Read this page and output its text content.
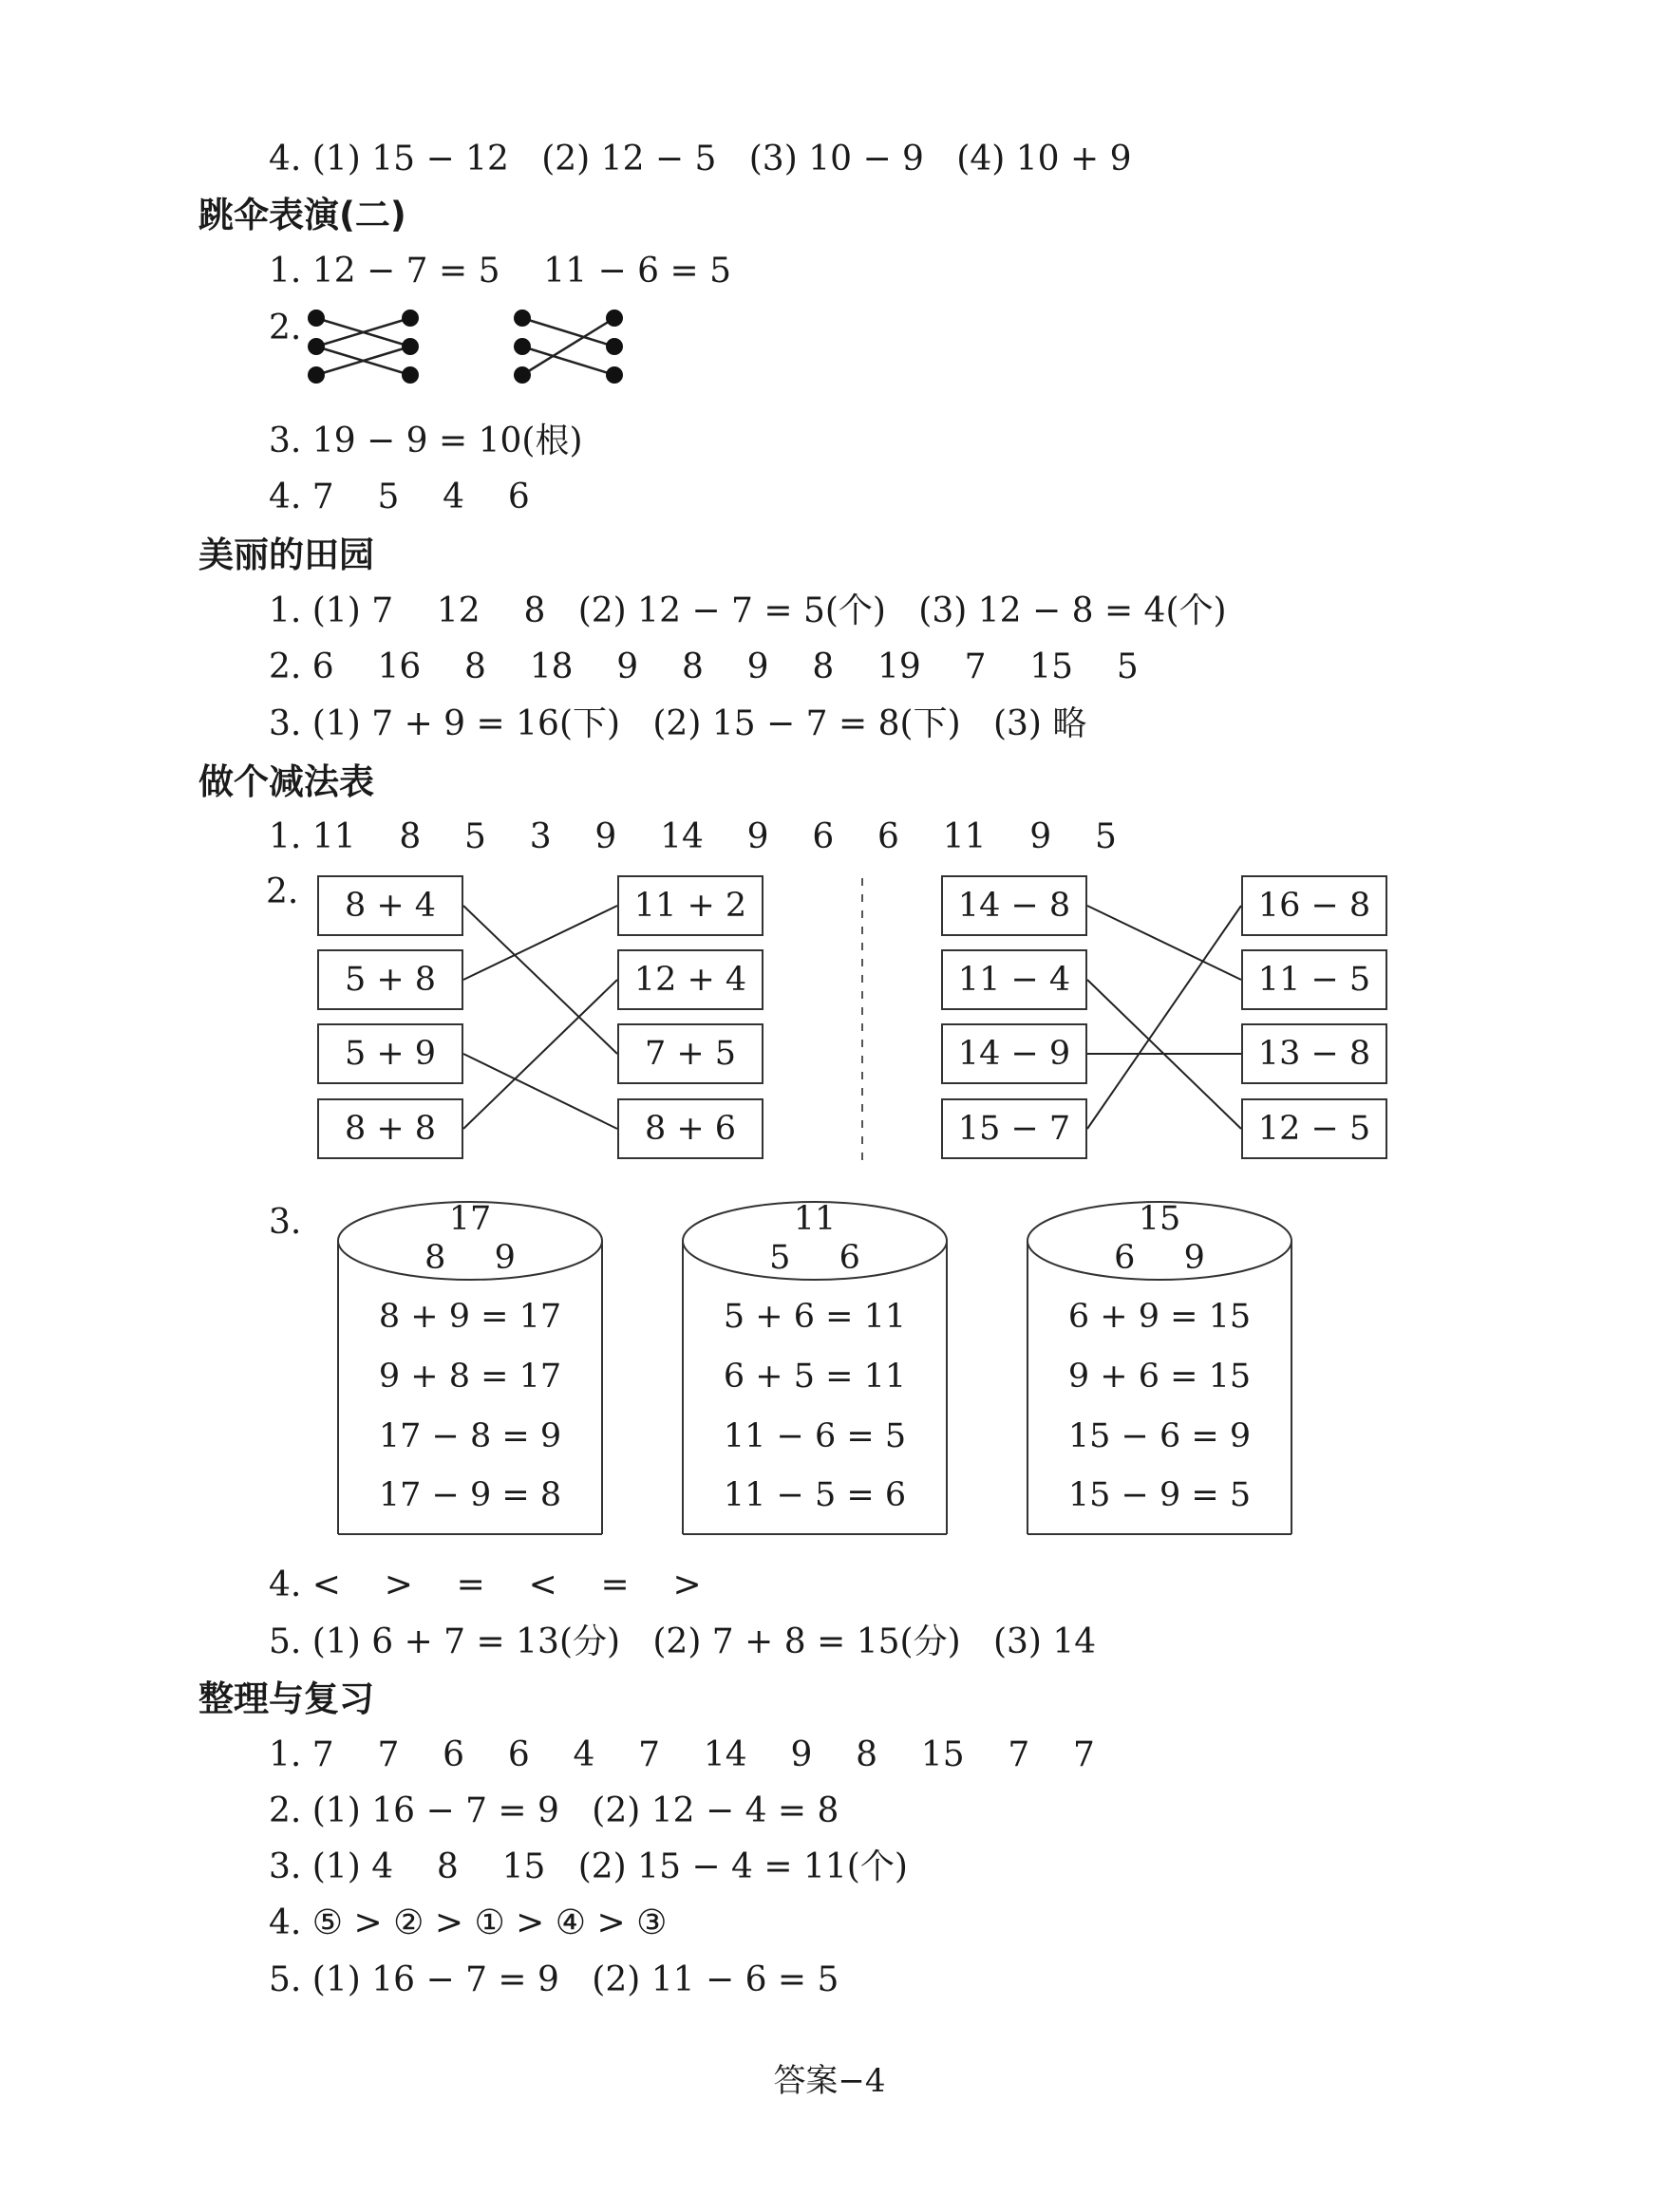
4. (1) 15 − 12   (2) 12 − 5   (3) 10 − 9   (4) 10 + 9
跳伞表演(二)
1. 12 − 7 = 5    11 − 6 = 5
2.
3. 19 − 9 = 10(根)
4. 7    5    4    6
美丽的田园
1. (1) 7    12    8   (2) 12 − 7 = 5(个)   (3) 12 − 8 = 4(个)
2. 6    16    8    18    9    8    9    8    19    7    15    5
3. (1) 7 + 9 = 16(下)   (2) 15 − 7 = 8(下)   (3) 略
做个减法表
1. 11    8    5    3    9    14    9    6    6    11    9    5
2.	8 + 4
5 + 8
5 + 9
8 + 8
11 + 2
12 + 4
7 + 5
8 + 6
14 − 8
11 − 4
14 − 9
15 − 7
16 − 8
11 − 5
13 − 8
12 − 5
3.	17
8 9
8 + 9 = 17
9 + 8 = 17
17 − 8 = 9
17 − 9 = 8
11
5 6
5 + 6 = 11
6 + 5 = 11
11 − 6 = 5
11 − 5 = 6
15
6 9
6 + 9 = 15
9 + 6 = 15
15 − 6 = 9
15 − 9 = 5
4. <    >    =    <    =    >
5. (1) 6 + 7 = 13(分)   (2) 7 + 8 = 15(分)   (3) 14
整理与复习
1. 7    7    6    6    4    7    14    9    8    15    7    7
2. (1) 16 − 7 = 9   (2) 12 − 4 = 8
3. (1) 4    8    15   (2) 15 − 4 = 11(个)
4. ⑤ > ② > ① > ④ > ③
5. (1) 16 − 7 = 9   (2) 11 − 6 = 5
答案−4
